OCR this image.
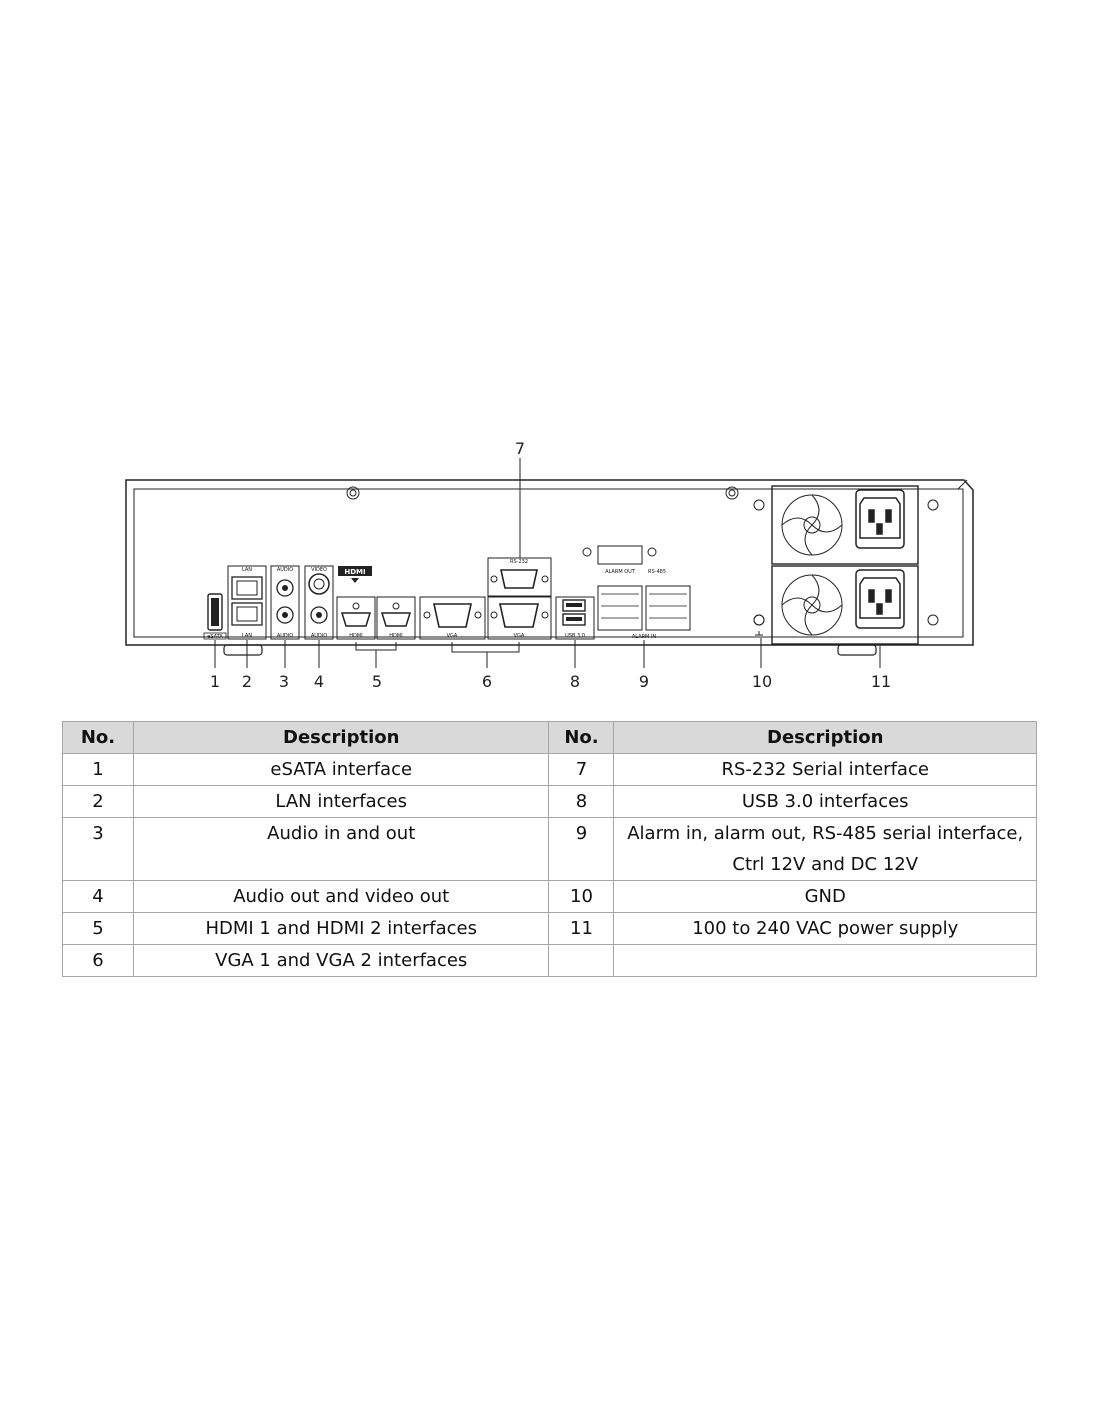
eSATA
LAN
LAN
AUDIO
AUDIO
VIDEO
AUDIO
HDMI
HDMI	HDMI	VGA	VGA
RS-232
USB 3.0
ALARM OUT	RS-485
ALARM IN
7
1 2 3 4	5	6	8	9	10	11
No.	Description	No.	Description
1	eSATA interface	7	RS-232 Serial interface
2	LAN interfaces	8	USB 3.0 interfaces
3	Audio in and out	9	Alarm in, alarm out, RS-485 serial interface, Ctrl 12V and DC 12V
4	Audio out and video out	10	GND
5	HDMI 1 and HDMI 2 interfaces	11	100 to 240 VAC power supply
6	VGA 1 and VGA 2 interfaces		
